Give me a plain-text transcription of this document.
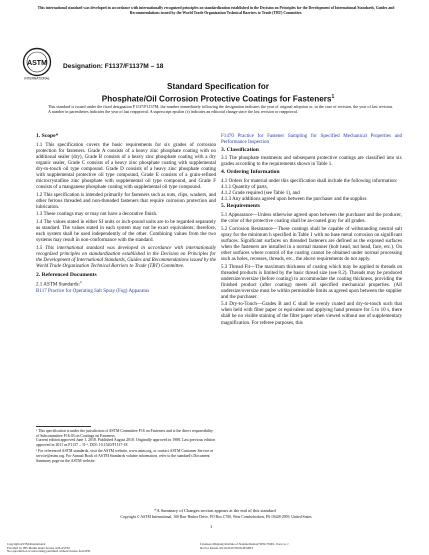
This international standard was developed in accordance with internationally recognized principles on standardization established in the Decision on Principles for the Development of International Standards, Guides and Recommendations issued by the World Trade Organization Technical Barriers to Trade (TBT) Committee.
ASTM
INTERNATIONAL
Designation: F1137/F1137M – 18
Standard Specification for
Phosphate/Oil Corrosion Protective Coatings for Fasteners$^1$
This standard is issued under the fixed designation F1137/F1137M; the number immediately following the designation indicates the year of original adoption or, in the case of revision, the year of last revision. A number in parentheses indicates the year of last reapproval. A superscript epsilon (ε) indicates an editorial change since the last revision or reapproval.
1. Scope*

1.1 This specification covers the basic requirements for six grades of corrosion protection for fasteners. Grade A consists of a heavy zinc phosphate coating with no additional sealer (dry), Grade B consists of a heavy zinc phosphate coating with a dry organic sealer, Grade C consists of a heavy zinc phosphate coating with supplemental dry-to-touch oil type compound. Grade D consists of a heavy zinc phosphate coating with supplemental protective oil type compound, Grade E consists of a grain-refined microcrystalline zinc phosphate with supplemental oil type compound, and Grade F consists of a manganese phosphate coating with supplemental oil type compound.

1.2 This specification is intended primarily for fasteners such as nuts, clips, washers, and other ferrous threaded and non-threaded fasteners that require corrosion protection and lubrication.

1.3 These coatings may or may not have a decorative finish.

1.4 The values stated in either SI units or inch-pound units are to be regarded separately as standard. The values stated in each system may not be exact equivalents; therefore, each system shall be used independently of the other. Combining values from the two systems may result in non-conformance with the standard.

1.5 This international standard was developed in accordance with internationally recognized principles on standardization established in the Decision on Principles for the Development of International Standards, Guides and Recommendations issued by the World Trade Organization Technical Barriers to Trade (TBT) Committee.

2. Referenced Documents

2.1 ASTM Standards:$^2$

B117 Practice for Operating Salt Spray (Fog) Apparatus

¹ This specification is under the jurisdiction of ASTM Committee F16 on Fasteners and is the direct responsibility of Subcommittee F16.03 on Coatings on Fasteners.

Current edition approved June 1, 2018. Published August 2018. Originally approved in 1988. Last previous edition approved in 2011 as F1137 – 11ᵉ¹. DOI: 10.1520/F1137-18.

² For referenced ASTM standards, visit the ASTM website, www.astm.org, or contact ASTM Customer Service at service@astm.org. For Annual Book of ASTM Standards volume information, refer to the standard's Document Summary page on the ASTM website.

F1470 Practice for Fastener Sampling for Specified Mechanical Properties and Performance Inspection

3. Classification

3.1 The phosphate treatments and subsequent protective coatings are classified into six grades according to the requirements shown in Table 1.

4. Ordering Information

4.1 Orders for material under this specification shall include the following information:

4.1.1 Quantity of parts,

4.1.2 Grade required (see Table 1), and

4.1.3 Any additions agreed upon between the purchaser and the supplier.

5. Requirements

5.1 Appearance—Unless otherwise agreed upon between the purchaser and the producer, the color of the protective coating shall be as-coated gray for all grades.

5.2 Corrosion Resistance—These coatings shall be capable of withstanding neutral salt spray for the minimum h specified in Table 1 with no base metal corrosion on significant surfaces. Significant surfaces on threaded fasteners are defined as the exposed surfaces when the fasteners are installed in a normal manner (bolt head, nut head, face, etc.). On other surfaces where control of the coating cannot be obtained under normal processing such as holes, recesses, threads, etc., the above requirements do not apply.

5.3 Thread Fit—The maximum thickness of coating which may be applied to threads on threaded products is limited by the basic thread size (see 8.2). Threads may be produced undersize/oversize (before coating) to accommodate the coating thickness, providing the finished product (after coating) meets all specified mechanical properties. (All undersize/oversize must be within permissible limits as agreed upon between the supplier and the purchaser.

5.4 Dry-to-Touch—Grades B and C shall be evenly coated and dry-to-touch such that when held with filter paper or equivalent and applying hand pressure for 5 to 10 s, there shall be no visible staining of the filter paper when viewed without use of supplementary magnification. For referee purposes, this

*A Summary of Changes section appears at the end of this standard
Copyright © ASTM International, 100 Barr Harbor Drive, PO Box C700, West Conshohocken, PA 19428-2959. United States
1
Copyright ASTM International
Provided by IHS Markit under license with ASTM
No reproduction or networking permitted without license from IHS
Licensee=Zhejiang Institute of Standardization/5959176001, User=w, J
Not for Resale, 09/10/2019 00:06:48 MDT
